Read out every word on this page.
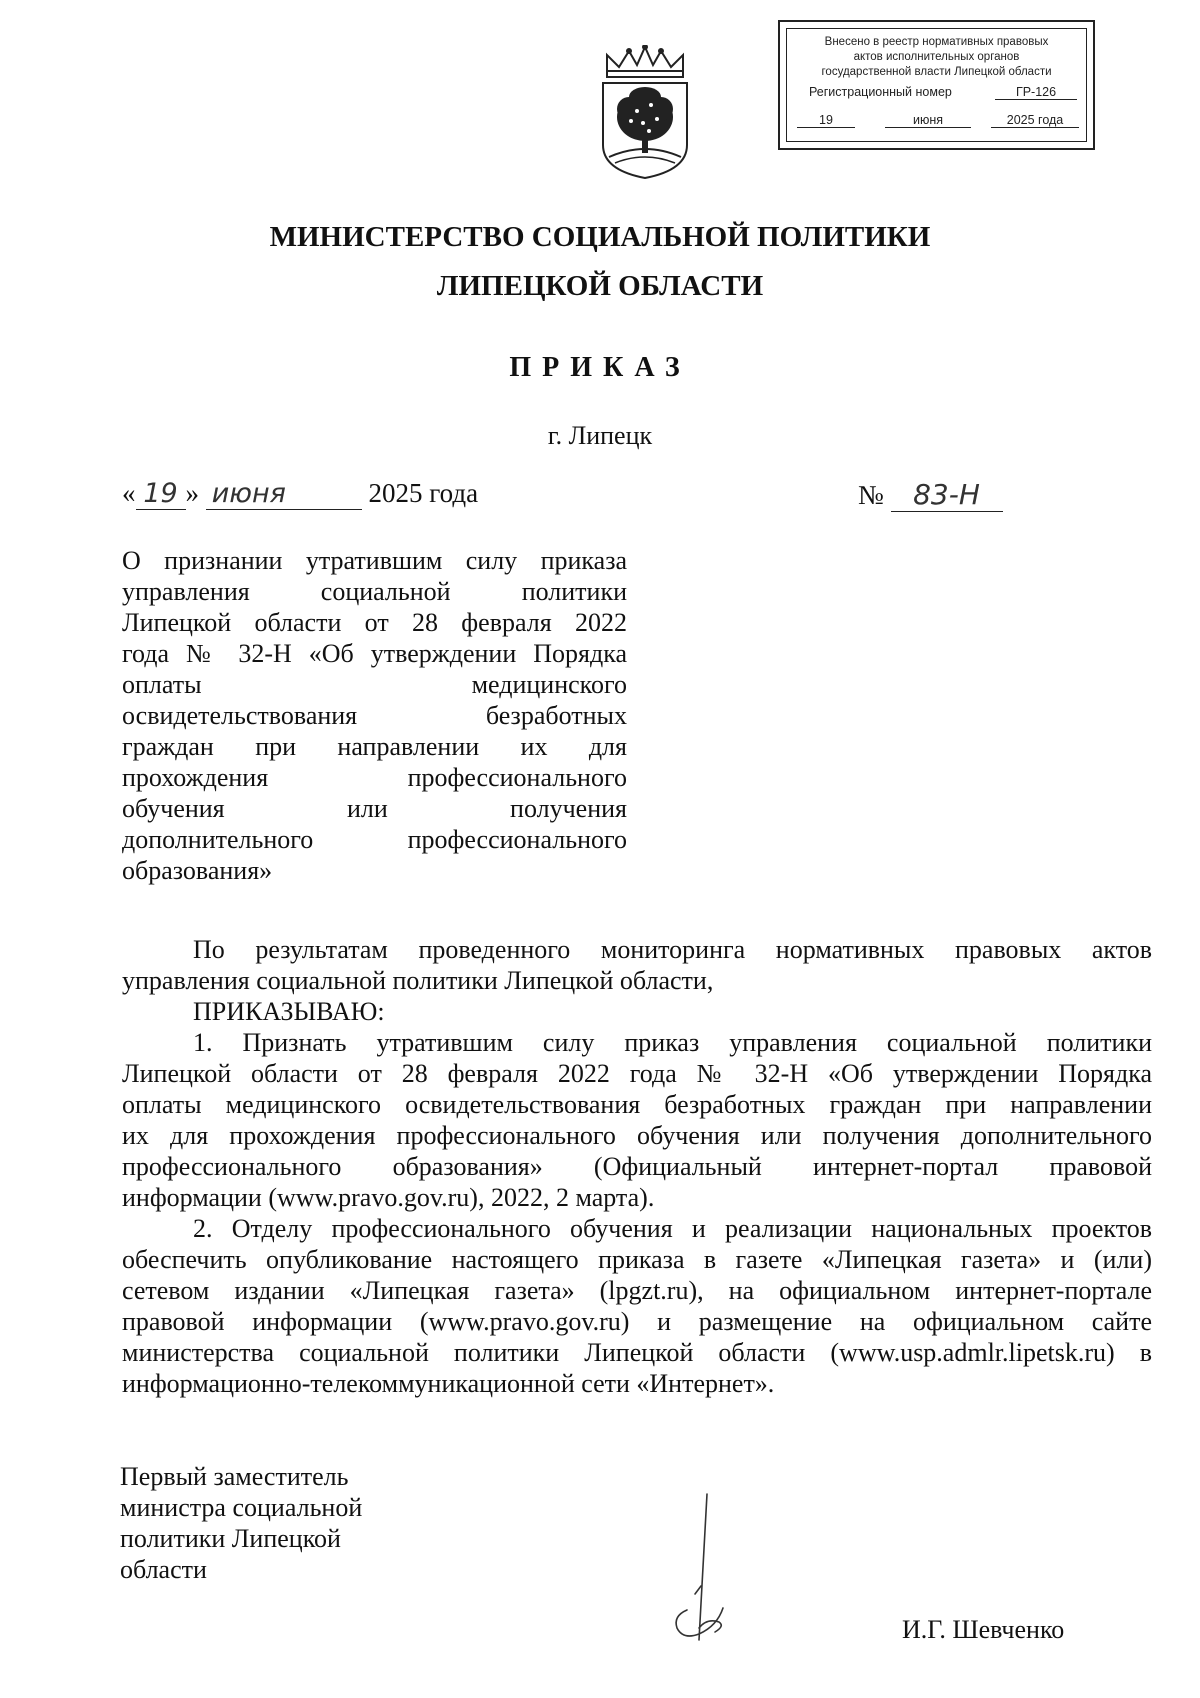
Внесено в реестр нормативных правовых
актов исполнительных органов
государственной власти Липецкой области
Регистрационный номер	ГР-126
19	июня	2025 года
МИНИСТЕРСТВО СОЦИАЛЬНОЙ ПОЛИТИКИ
ЛИПЕЦКОЙ ОБЛАСТИ
ПРИКАЗ
г. Липецк
« 19 » июня	2025 года	№ 83-Н
О признании утратившим силу приказа
управления социальной политики
Липецкой области от 28 февраля 2022
года № 32-Н «Об утверждении Порядка
оплаты медицинского
освидетельствования безработных
граждан при направлении их для
прохождения профессионального
обучения или получения
дополнительного профессионального
образования»
По результатам проведенного мониторинга нормативных правовых актов
управления социальной политики Липецкой области,
ПРИКАЗЫВАЮ:
1. Признать утратившим силу приказ управления социальной политики
Липецкой области от 28 февраля 2022 года № 32-Н «Об утверждении Порядка
оплаты медицинского освидетельствования безработных граждан при направлении
их для прохождения профессионального обучения или получения дополнительного
профессионального образования» (Официальный интернет-портал правовой
информации (www.pravo.gov.ru), 2022, 2 марта).
2. Отделу профессионального обучения и реализации национальных проектов
обеспечить опубликование настоящего приказа в газете «Липецкая газета» и (или)
сетевом издании «Липецкая газета» (lpgzt.ru), на официальном интернет-портале
правовой информации (www.pravo.gov.ru) и размещение на официальном сайте
министерства социальной политики Липецкой области (www.usp.admlr.lipetsk.ru) в
информационно-телекоммуникационной сети «Интернет».
Первый заместитель
министра социальной
политики Липецкой
области
И.Г. Шевченко
